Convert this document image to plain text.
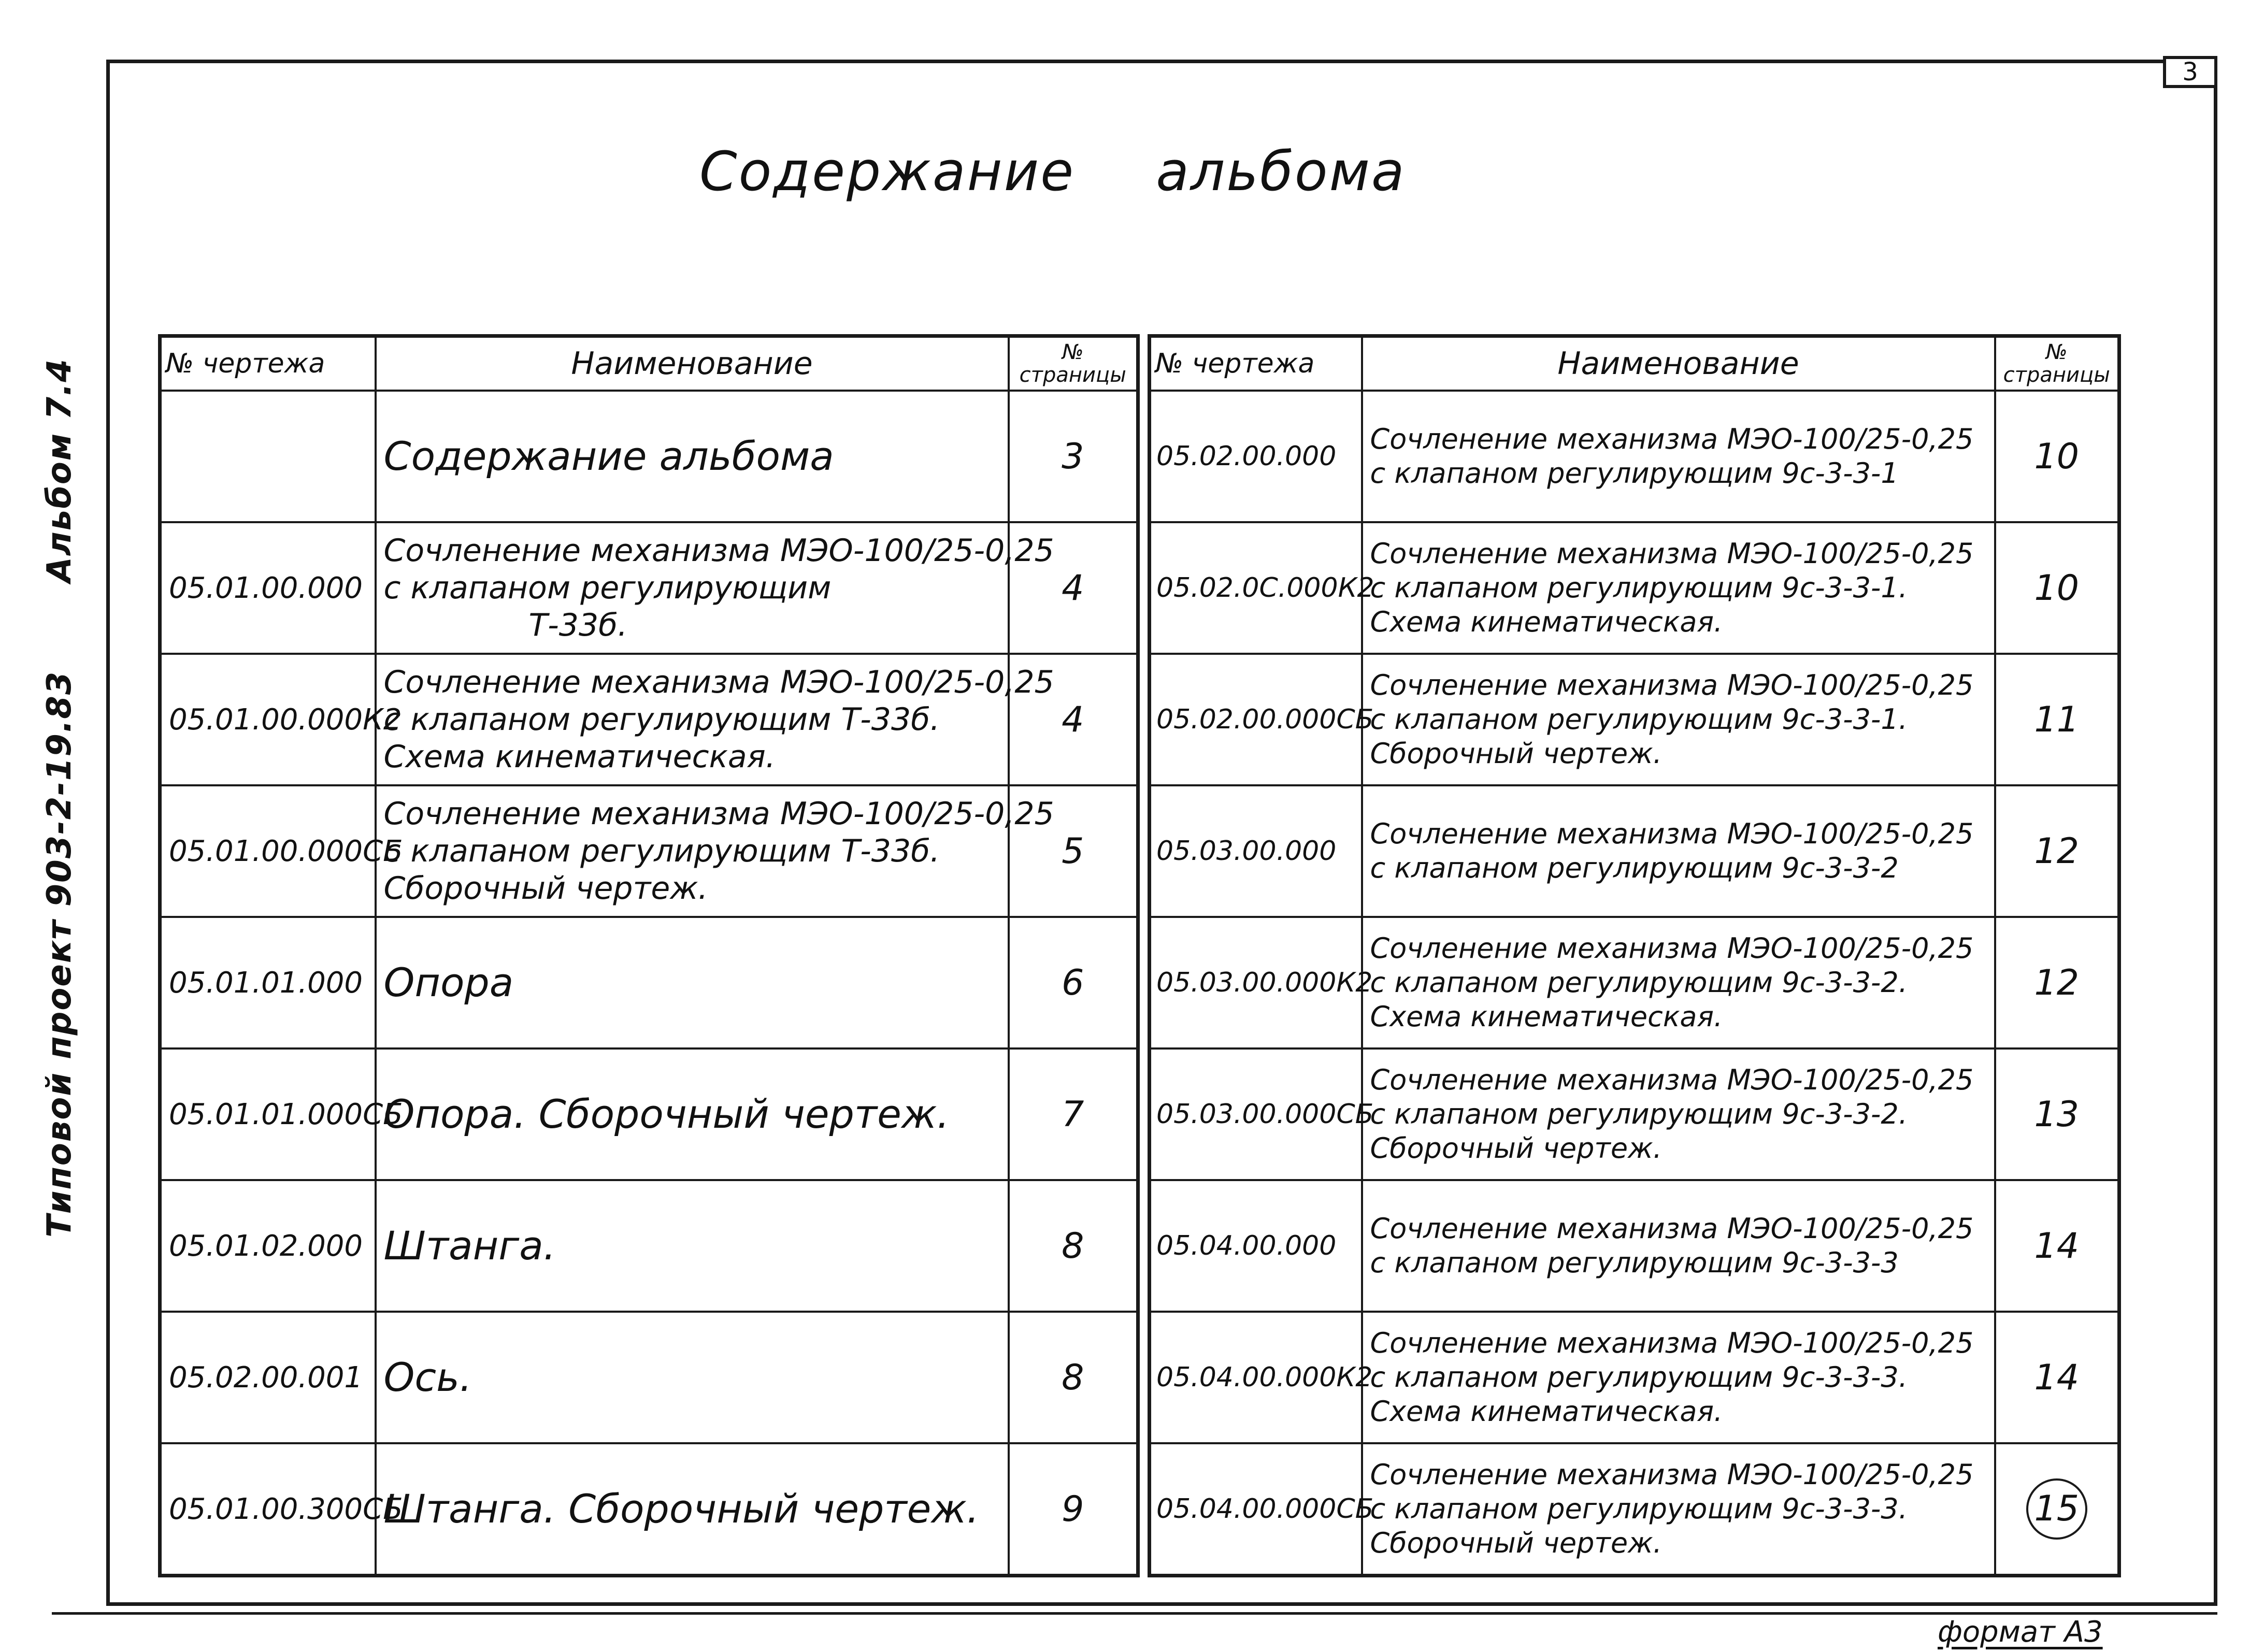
3
Типовой проект 903-2-19.83Альбом 7.4
Содержание альбома
№ чертежа	Наименование	№ страницы

	Содержание альбома	3
05.01.00.000	Сочленение механизма МЭО-100/25-0,25
с клапаном регулирующим
Т-33б.	4
05.01.00.000К2	Сочленение механизма МЭО-100/25-0,25
с клапаном регулирующим Т-33б.
Схема кинематическая.	4
05.01.00.000СБ	Сочленение механизма МЭО-100/25-0,25
с клапаном регулирующим Т-33б.
Сборочный чертеж.	5
05.01.01.000	Опора	6
05.01.01.000СБ	Опора. Сборочный чертеж.	7
05.01.02.000	Штанга.	8
05.02.00.001	Ось.	8
05.01.00.300СБ	Штанга. Сборочный чертеж.	9
№ чертежа	Наименование	№ страницы
05.02.00.000	Сочленение механизма МЭО-100/25-0,25
с клапаном регулирующим 9с-3-3-1	10
05.02.0С.000К2	Сочленение механизма МЭО-100/25-0,25
с клапаном регулирующим 9с-3-3-1.
Схема кинематическая.	10
05.02.00.000СБ	Сочленение механизма МЭО-100/25-0,25
с клапаном регулирующим 9с-3-3-1.
Сборочный чертеж.	11
05.03.00.000	Сочленение механизма МЭО-100/25-0,25
с клапаном регулирующим 9с-3-3-2	12
05.03.00.000К2	Сочленение механизма МЭО-100/25-0,25
с клапаном регулирующим 9с-3-3-2.
Схема кинематическая.	12
05.03.00.000СБ	Сочленение механизма МЭО-100/25-0,25
с клапаном регулирующим 9с-3-3-2.
Сборочный чертеж.	13
05.04.00.000	Сочленение механизма МЭО-100/25-0,25
с клапаном регулирующим 9с-3-3-3	14
05.04.00.000К2	Сочленение механизма МЭО-100/25-0,25
с клапаном регулирующим 9с-3-3-3.
Схема кинематическая.	14
05.04.00.000СБ	Сочленение механизма МЭО-100/25-0,25
с клапаном регулирующим 9с-3-3-3.
Сборочный чертеж.	15
формат А3
